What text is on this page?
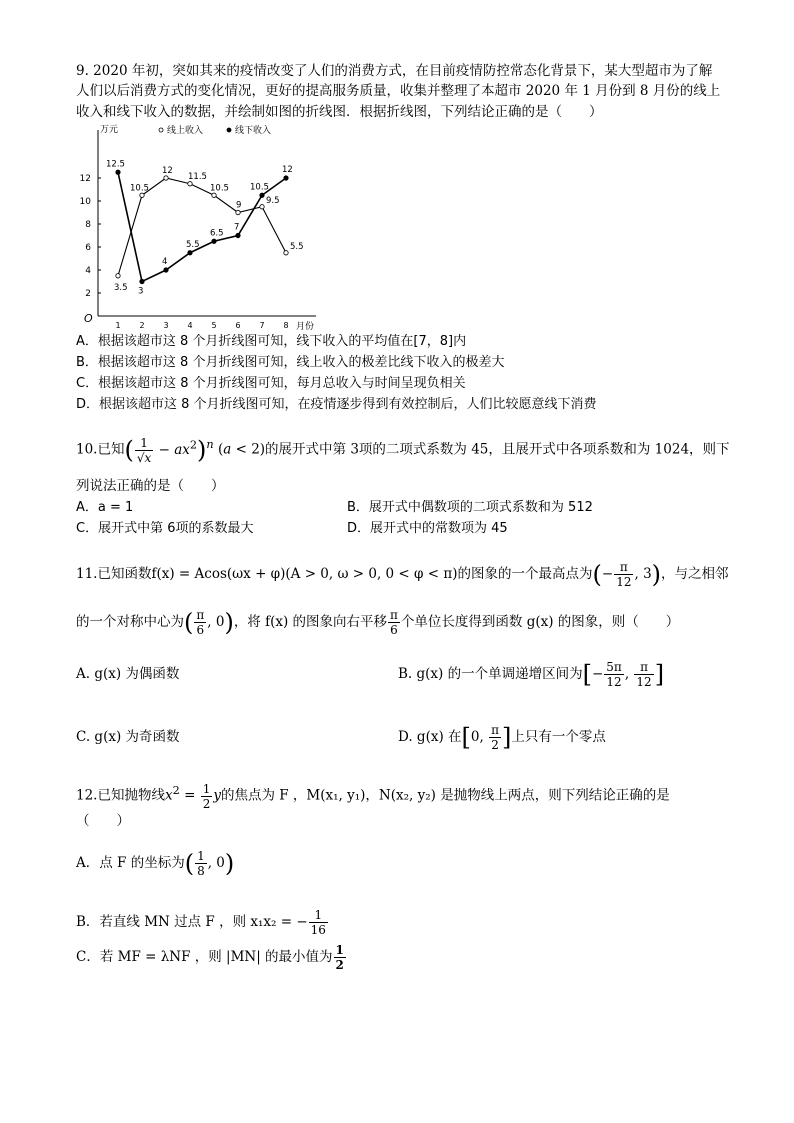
9. 2020 年初，突如其来的疫情改变了人们的消费方式，在目前疫情防控常态化背景下，某大型超市为了解
人们以后消费方式的变化情况，更好的提高服务质量，收集并整理了本超市 2020 年 1 月份到 8 月份的线上
收入和线下收入的数据，并绘制如图的折线图．根据折线图，下列结论正确的是（　　）
O
万元
月份
2
4
6
8
10
12
1 2 3 4 5 6 7 8
线上收入	线下收入
3.5
10.5
12
11.5
10.5
9	9.5
5.5
12.5
3
4
5.5
6.5
7
10.5
12
A．根据该超市这 8 个月折线图可知，线下收入的平均值在[7，8]内
B．根据该超市这 8 个月折线图可知，线上收入的极差比线下收入的极差大
C．根据该超市这 8 个月折线图可知，每月总收入与时间呈现负相关
D．根据该超市这 8 个月折线图可知，在疫情逐步得到有效控制后，人们比较愿意线下消费
10.已知( $\frac{1}{√x} - ax^2)^n$ (a < 2)的展开式中第 3项的二项式系数为 45，且展开式中各项系数和为 1024，则下
列说法正确的是（　　）
A．a = 1	B．展开式中偶数项的二项式系数和为 512
C．展开式中第 6项的系数最大	D．展开式中的常数项为 45
11.已知函数f(x) = Acos(ωx + φ)(A > 0, ω > 0, 0 < φ < π)的图象的一个最高点为(− $\frac{\pi}{12}$ , 3)，与之相邻
的一个对称中心为( $\frac{\pi}{6}$ , 0)，将 f(x) 的图象向右平移 $\frac{\pi}{6}$ 个单位长度得到函数 g(x) 的图象，则（　　）
A. g(x) 为偶函数	B. g(x) 的一个单调递增区间为[− $\frac{5\pi}{12}$ , $\frac{\pi}{12}$ ]
C. g(x) 为奇函数	D. g(x) 在[0, $\frac{\pi}{2}$ ]上只有一个零点
12.已知抛物线$x^2 = \frac{1}{2}$ y的焦点为 F ，M(x₁, y₁)，N(x₂, y₂) 是抛物线上两点，则下列结论正确的是
（　　）
A．点 F 的坐标为( $\frac{1}{8}$ , 0)
B．若直线 MN 过点 F ，则 x₁x₂ = − $\frac{1}{16}$
C．若 MF = λNF ，则 |MN| 的最小值为 $\frac{1}{2}$
